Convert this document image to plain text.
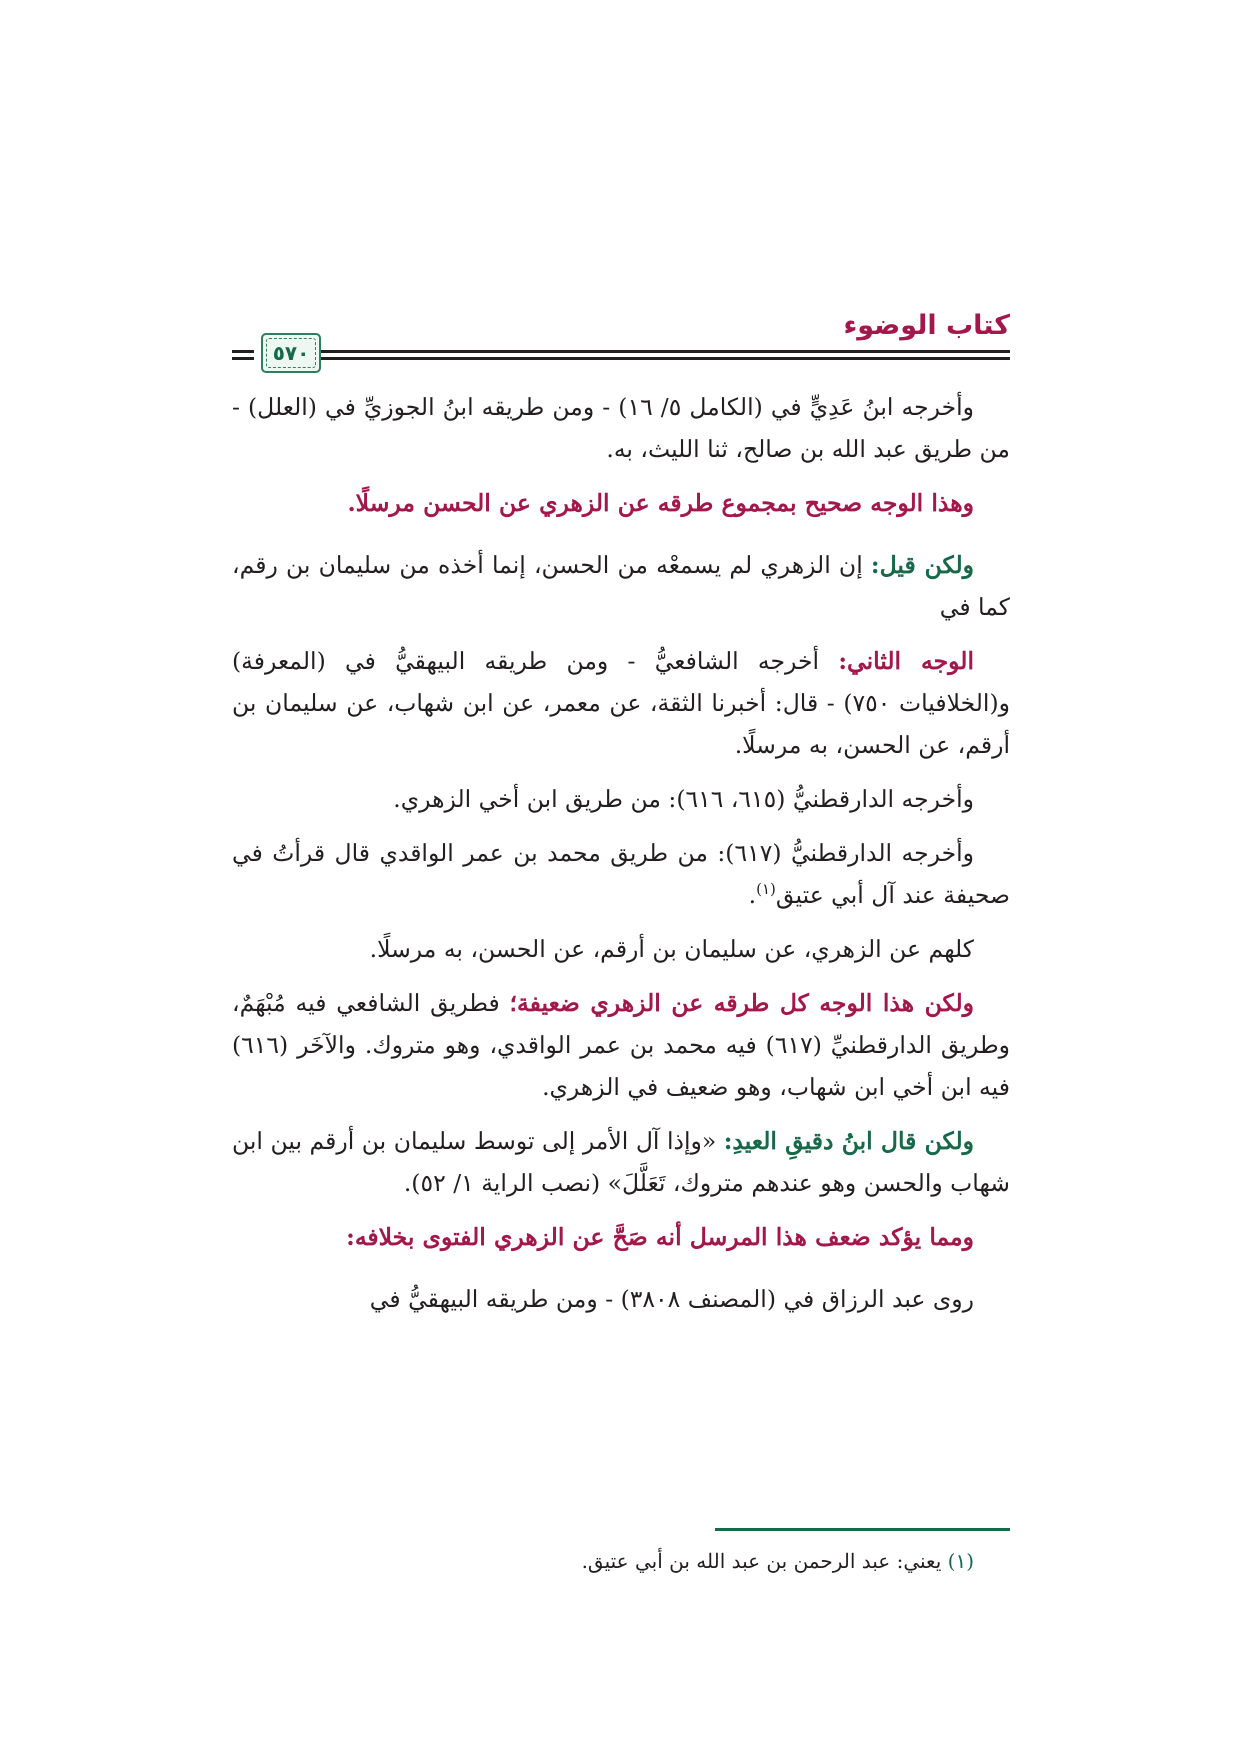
كتاب الوضوء
٥٧٠

وأخرجه ابنُ عَدِيٍّ في (الكامل ٥/ ١٦) - ومن طريقه ابنُ الجوزيِّ في (العلل) - من طريق عبد الله بن صالح، ثنا الليث، به.

وهذا الوجه صحيح بمجموع طرقه عن الزهري عن الحسن مرسلًا.

ولكن قيل: إن الزهري لم يسمعْه من الحسن، إنما أخذه من سليمان بن رقم، كما في

الوجه الثاني: أخرجه الشافعيُّ - ومن طريقه البيهقيُّ في (المعرفة) و(الخلافيات ٧٥٠) - قال: أخبرنا الثقة، عن معمر، عن ابن شهاب، عن سليمان بن أرقم، عن الحسن، به مرسلًا.

وأخرجه الدارقطنيُّ (٦١٥، ٦١٦): من طريق ابن أخي الزهري.

وأخرجه الدارقطنيُّ (٦١٧): من طريق محمد بن عمر الواقدي قال قرأتُ في صحيفة عند آل أبي عتيق$^{(١)}$.

كلهم عن الزهري، عن سليمان بن أرقم، عن الحسن، به مرسلًا.

ولكن هذا الوجه كل طرقه عن الزهري ضعيفة؛ فطريق الشافعي فيه مُبْهَمٌ، وطريق الدارقطنيِّ (٦١٧) فيه محمد بن عمر الواقدي، وهو متروك. والآخَر (٦١٦) فيه ابن أخي ابن شهاب، وهو ضعيف في الزهري.

ولكن قال ابنُ دقيقِ العيدِ: «وإذا آل الأمر إلى توسط سليمان بن أرقم بين ابن شهاب والحسن وهو عندهم متروك، تَعَلَّلَ» (نصب الراية ١/ ٥٢).

ومما يؤكد ضعف هذا المرسل أنه صَحَّ عن الزهري الفتوى بخلافه:

روى عبد الرزاق في (المصنف ٣٨٠٨) - ومن طريقه البيهقيُّ في

(١) يعني: عبد الرحمن بن عبد الله بن أبي عتيق.
